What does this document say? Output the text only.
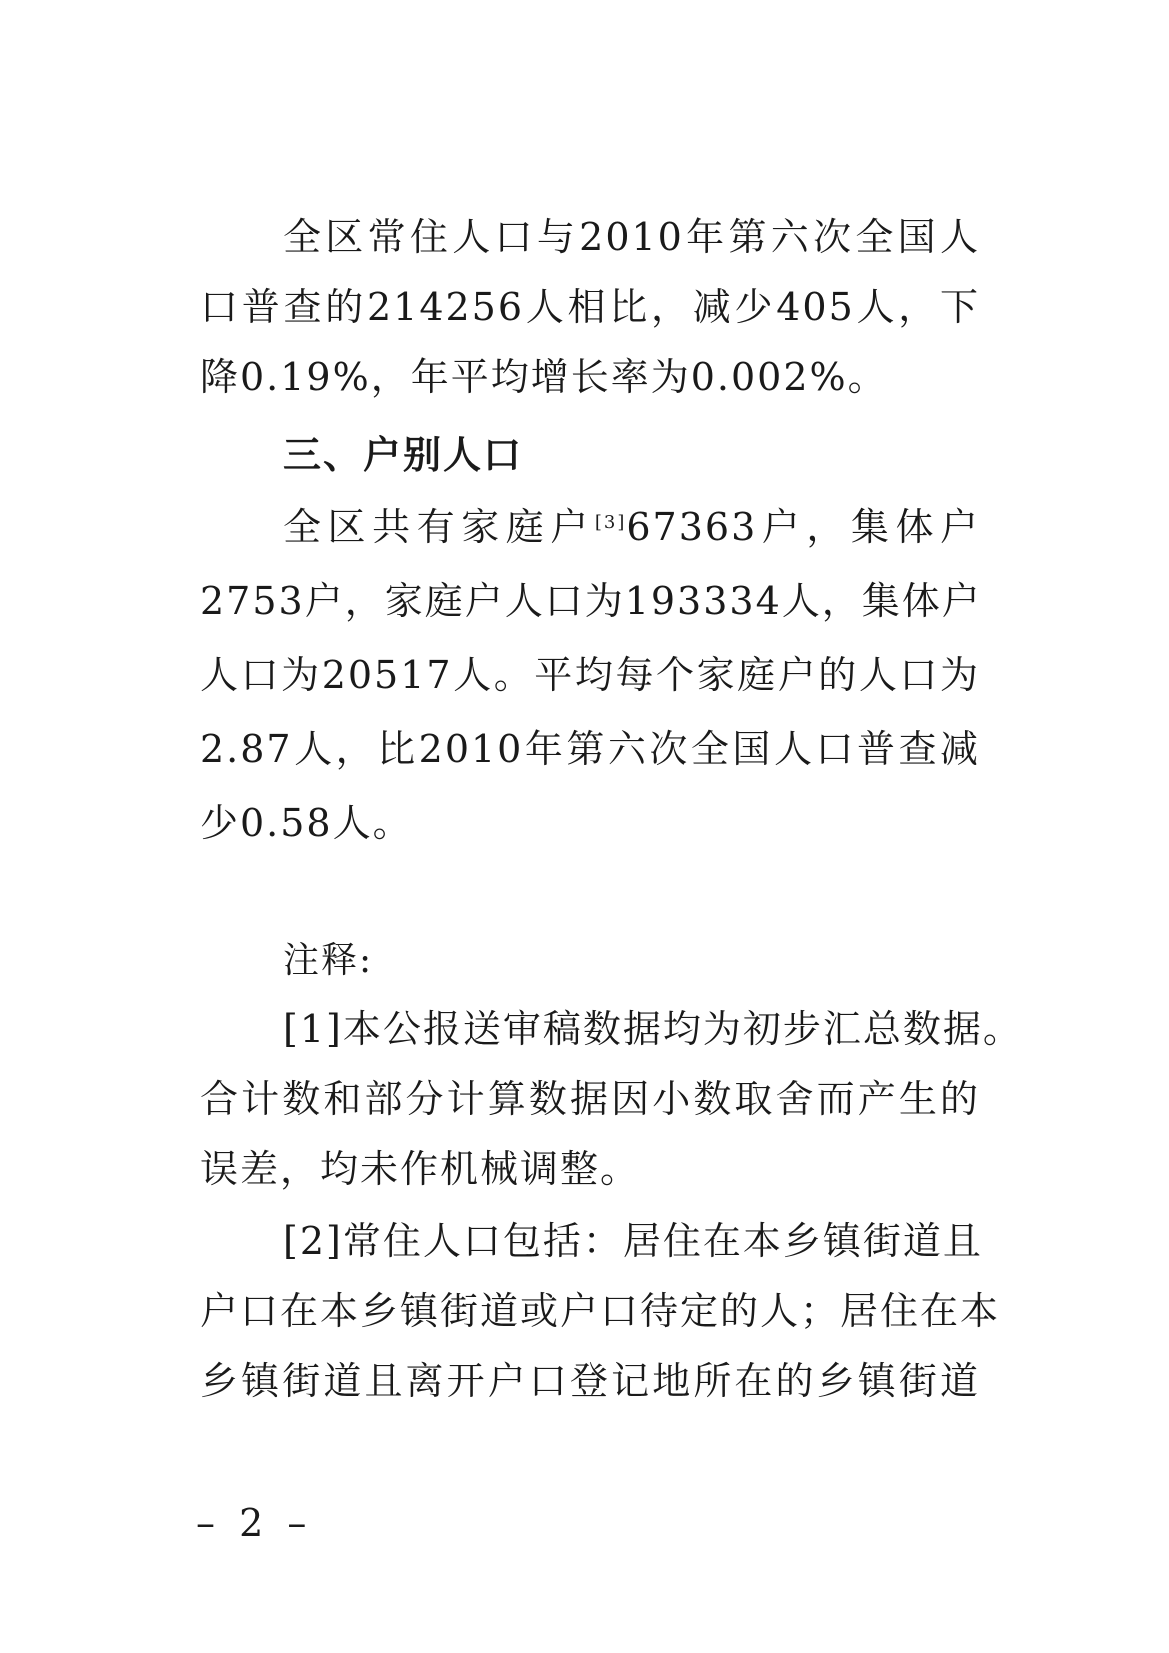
全区常住人口与2010年第六次全国人
口普查的214256人相比，减少405人，下
降0.19%，年平均增长率为0.002%。
三、户别人口
全区共有家庭户[3]67363户，集体户
2753户，家庭户人口为193334人，集体户
人口为20517人。平均每个家庭户的人口为
2.87人，比2010年第六次全国人口普查减
少0.58人。
注释:
[1]本公报送审稿数据均为初步汇总数据。
合计数和部分计算数据因小数取舍而产生的
误差，均未作机械调整。
[2]常住人口包括：居住在本乡镇街道且
户口在本乡镇街道或户口待定的人；居住在本
乡镇街道且离开户口登记地所在的乡镇街道
– 2 –
